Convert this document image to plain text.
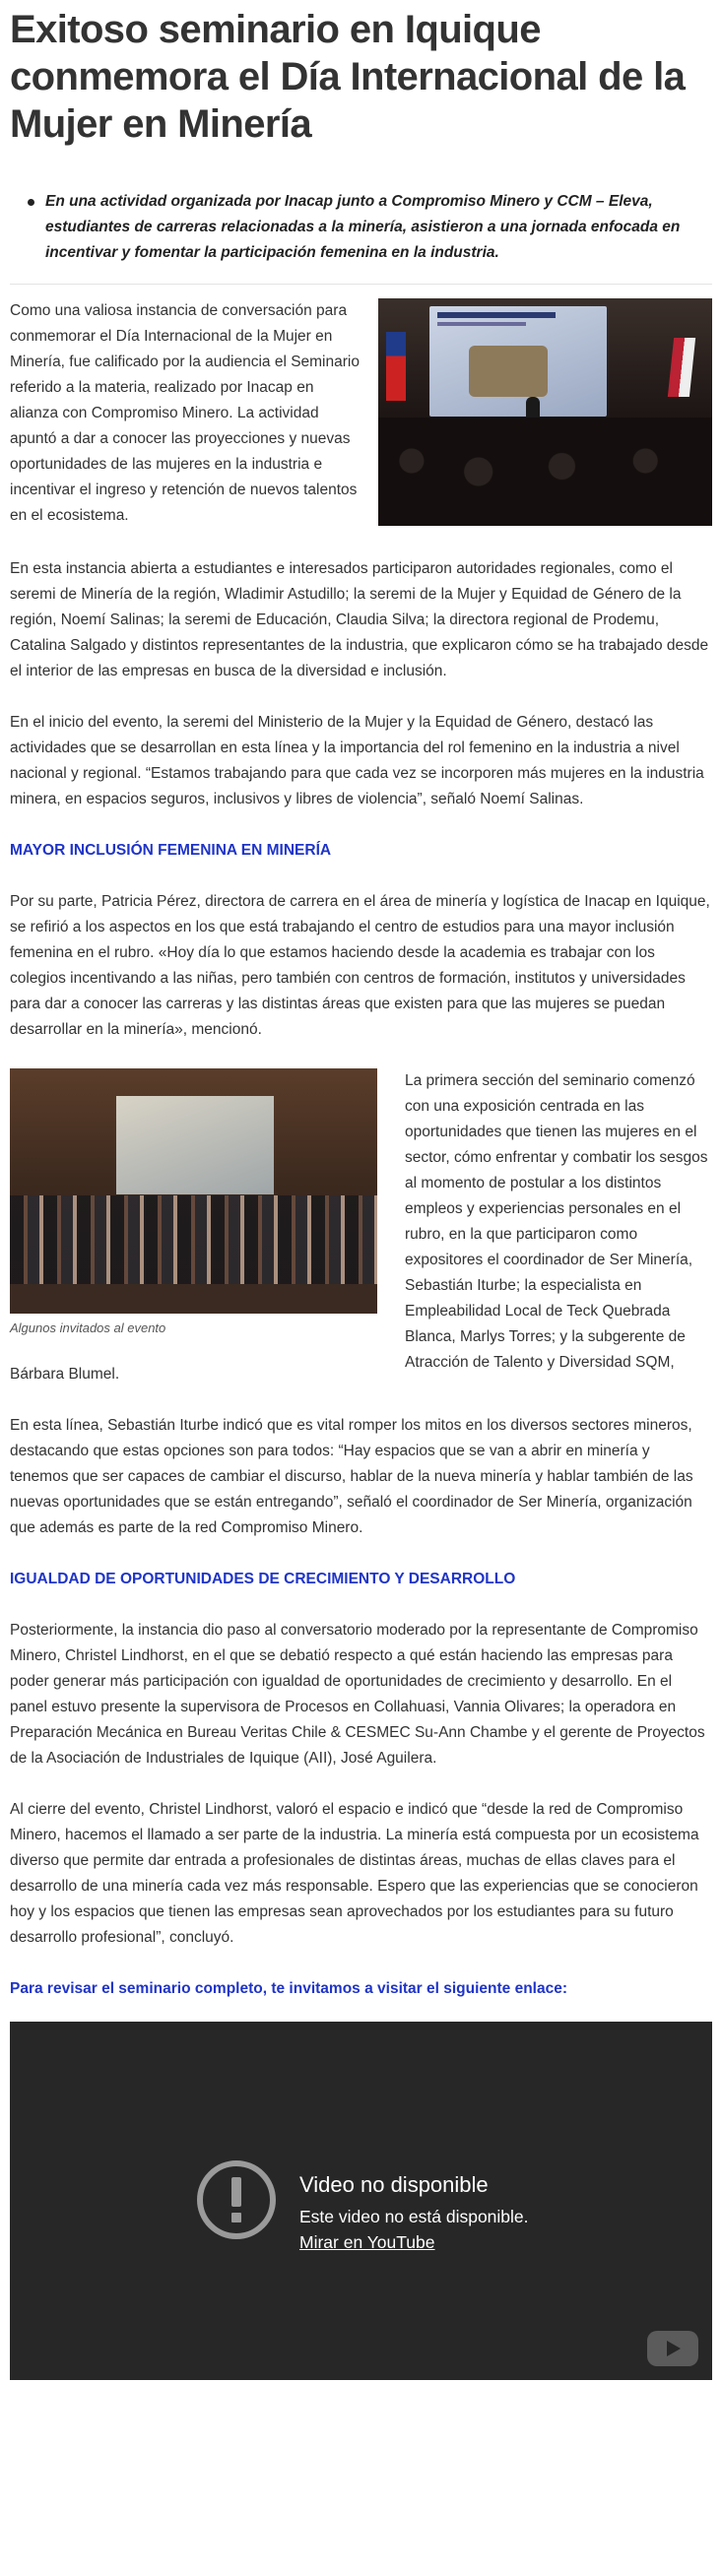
Exitoso seminario en Iquique conmemora el Día Internacional de la Mujer en Minería
En una actividad organizada por Inacap junto a Compromiso Minero y CCM – Eleva, estudiantes de carreras relacionadas a la minería, asistieron a una jornada enfocada en incentivar y fomentar la participación femenina en la industria.

Como una valiosa instancia de conversación para conmemorar el Día Internacional de la Mujer en Minería, fue calificado por la audiencia el Seminario referido a la materia, realizado por Inacap en alianza con Compromiso Minero. La actividad apuntó a dar a conocer las proyecciones y nuevas oportunidades de las mujeres en la industria e incentivar el ingreso y retención de nuevos talentos en el ecosistema.

En esta instancia abierta a estudiantes e interesados participaron autoridades regionales, como el seremi de Minería de la región, Wladimir Astudillo; la seremi de la Mujer y Equidad de Género de la región, Noemí Salinas; la seremi de Educación, Claudia Silva; la directora regional de Prodemu, Catalina Salgado y distintos representantes de la industria, que explicaron cómo se ha trabajado desde el interior de las empresas en busca de la diversidad e inclusión.

En el inicio del evento, la seremi del Ministerio de la Mujer y la Equidad de Género, destacó las actividades que se desarrollan en esta línea y la importancia del rol femenino en la industria a nivel nacional y regional. “Estamos trabajando para que cada vez se incorporen más mujeres en la industria minera, en espacios seguros, inclusivos y libres de violencia”, señaló Noemí Salinas.

MAYOR INCLUSIÓN FEMENINA EN MINERÍA

Por su parte, Patricia Pérez, directora de carrera en el área de minería y logística de Inacap en Iquique, se refirió a los aspectos en los que está trabajando el centro de estudios para una mayor inclusión femenina en el rubro. «Hoy día lo que estamos haciendo desde la academia es trabajar con los colegios incentivando a las niñas, pero también con centros de formación, institutos y universidades para dar a conocer las carreras y las distintas áreas que existen para que las mujeres se puedan desarrollar en la minería», mencionó.

Algunos invitados al evento

La primera sección del seminario comenzó con una exposición centrada en las oportunidades que tienen las mujeres en el sector, cómo enfrentar y combatir los sesgos al momento de postular a los distintos empleos y experiencias personales en el rubro, en la que participaron como expositores el coordinador de Ser Minería, Sebastián Iturbe; la especialista en Empleabilidad Local de Teck Quebrada Blanca, Marlys Torres; y la subgerente de Atracción de Talento y Diversidad SQM,

Bárbara Blumel.

En esta línea, Sebastián Iturbe indicó que es vital romper los mitos en los diversos sectores mineros, destacando que estas opciones son para todos: “Hay espacios que se van a abrir en minería y tenemos que ser capaces de cambiar el discurso, hablar de la nueva minería y hablar también de las nuevas oportunidades que se están entregando”, señaló el coordinador de Ser Minería, organización que además es parte de la red Compromiso Minero.

IGUALDAD DE OPORTUNIDADES DE CRECIMIENTO Y DESARROLLO

Posteriormente, la instancia dio paso al conversatorio moderado por la representante de Compromiso Minero, Christel Lindhorst, en el que se debatió respecto a qué están haciendo las empresas para poder generar más participación con igualdad de oportunidades de crecimiento y desarrollo. En el panel estuvo presente la supervisora de Procesos en Collahuasi, Vannia Olivares; la operadora en Preparación Mecánica en Bureau Veritas Chile & CESMEC Su-Ann Chambe y el gerente de Proyectos de la Asociación de Industriales de Iquique (AII), José Aguilera.

Al cierre del evento, Christel Lindhorst, valoró el espacio e indicó que “desde la red de Compromiso Minero, hacemos el llamado a ser parte de la industria. La minería está compuesta por un ecosistema diverso que permite dar entrada a profesionales de distintas áreas, muchas de ellas claves para el desarrollo de una minería cada vez más responsable. Espero que las experiencias que se conocieron hoy y los espacios que tienen las empresas sean aprovechados por los estudiantes para su futuro desarrollo profesional”, concluyó.

Para revisar el seminario completo, te invitamos a visitar el siguiente enlace:
Video no disponible
Este video no está disponible.
Mirar en YouTube
